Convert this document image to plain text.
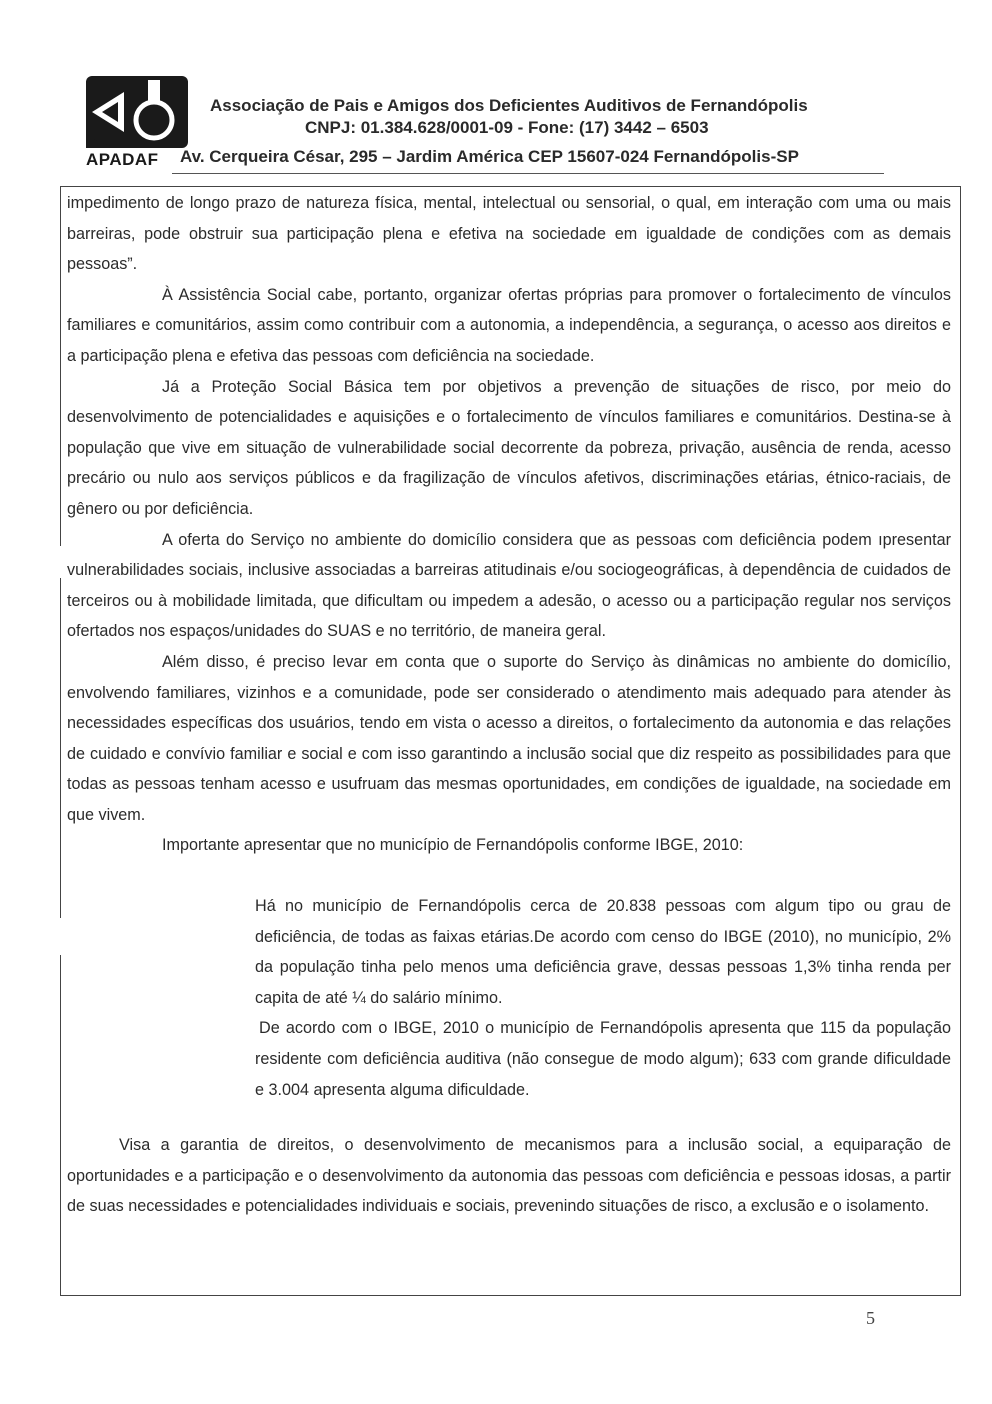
APADAF
Associação de Pais e Amigos dos Deficientes Auditivos de Fernandópolis
CNPJ: 01.384.628/0001-09 - Fone: (17) 3442 – 6503
Av. Cerqueira César, 295 – Jardim América CEP 15607-024 Fernandópolis-SP

impedimento de longo prazo de natureza física, mental, intelectual ou sensorial, o qual, em interação com uma ou mais barreiras, pode obstruir sua participação plena e efetiva na sociedade em igualdade de condições com as demais pessoas”.

À Assistência Social cabe, portanto, organizar ofertas próprias para promover o fortalecimento de vínculos familiares e comunitários, assim como contribuir com a autonomia, a independência, a segurança, o acesso aos direitos e a participação plena e efetiva das pessoas com deficiência na sociedade.

Já a Proteção Social Básica tem por objetivos a prevenção de situações de risco, por meio do desenvolvimento de potencialidades e aquisições e o fortalecimento de vínculos familiares e comunitários. Destina-se à população que vive em situação de vulnerabilidade social decorrente da pobreza, privação, ausência de renda, acesso precário ou nulo aos serviços públicos e da fragilização de vínculos afetivos, discriminações etárias, étnico-raciais, de gênero ou por deficiência.

A oferta do Serviço no ambiente do domicílio considera que as pessoas com deficiência podem ıpresentar vulnerabilidades sociais, inclusive associadas a barreiras atitudinais e/ou sociogeográficas, à dependência de cuidados de terceiros ou à mobilidade limitada, que dificultam ou impedem a adesão, o acesso ou a participação regular nos serviços ofertados nos espaços/unidades do SUAS e no território, de maneira geral.

Além disso, é preciso levar em conta que o suporte do Serviço às dinâmicas no ambiente do domicílio, envolvendo familiares, vizinhos e a comunidade, pode ser considerado o atendimento mais adequado para atender às necessidades específicas dos usuários, tendo em vista o acesso a direitos, o fortalecimento da autonomia e das relações de cuidado e convívio familiar e social e com isso garantindo a inclusão social que diz respeito as possibilidades para que todas as pessoas tenham acesso e usufruam das mesmas oportunidades, em condições de igualdade, na sociedade em que vivem.

Importante apresentar que no município de Fernandópolis conforme IBGE, 2010:

Há no município de Fernandópolis cerca de 20.838 pessoas com algum tipo ou grau de deficiência, de todas as faixas etárias.De acordo com censo do IBGE (2010), no município, 2% da população tinha pelo menos uma deficiência grave, dessas pessoas 1,3% tinha renda per capita de até ¼ do salário mínimo.

De acordo com o IBGE, 2010 o município de Fernandópolis apresenta que 115 da população residente com deficiência auditiva (não consegue de modo algum); 633 com grande dificuldade e 3.004 apresenta alguma dificuldade.

Visa a garantia de direitos, o desenvolvimento de mecanismos para a inclusão social, a equiparação de oportunidades e a participação e o desenvolvimento da autonomia das pessoas com deficiência e pessoas idosas, a partir de suas necessidades e potencialidades individuais e sociais, prevenindo situações de risco, a exclusão e o isolamento.

5
